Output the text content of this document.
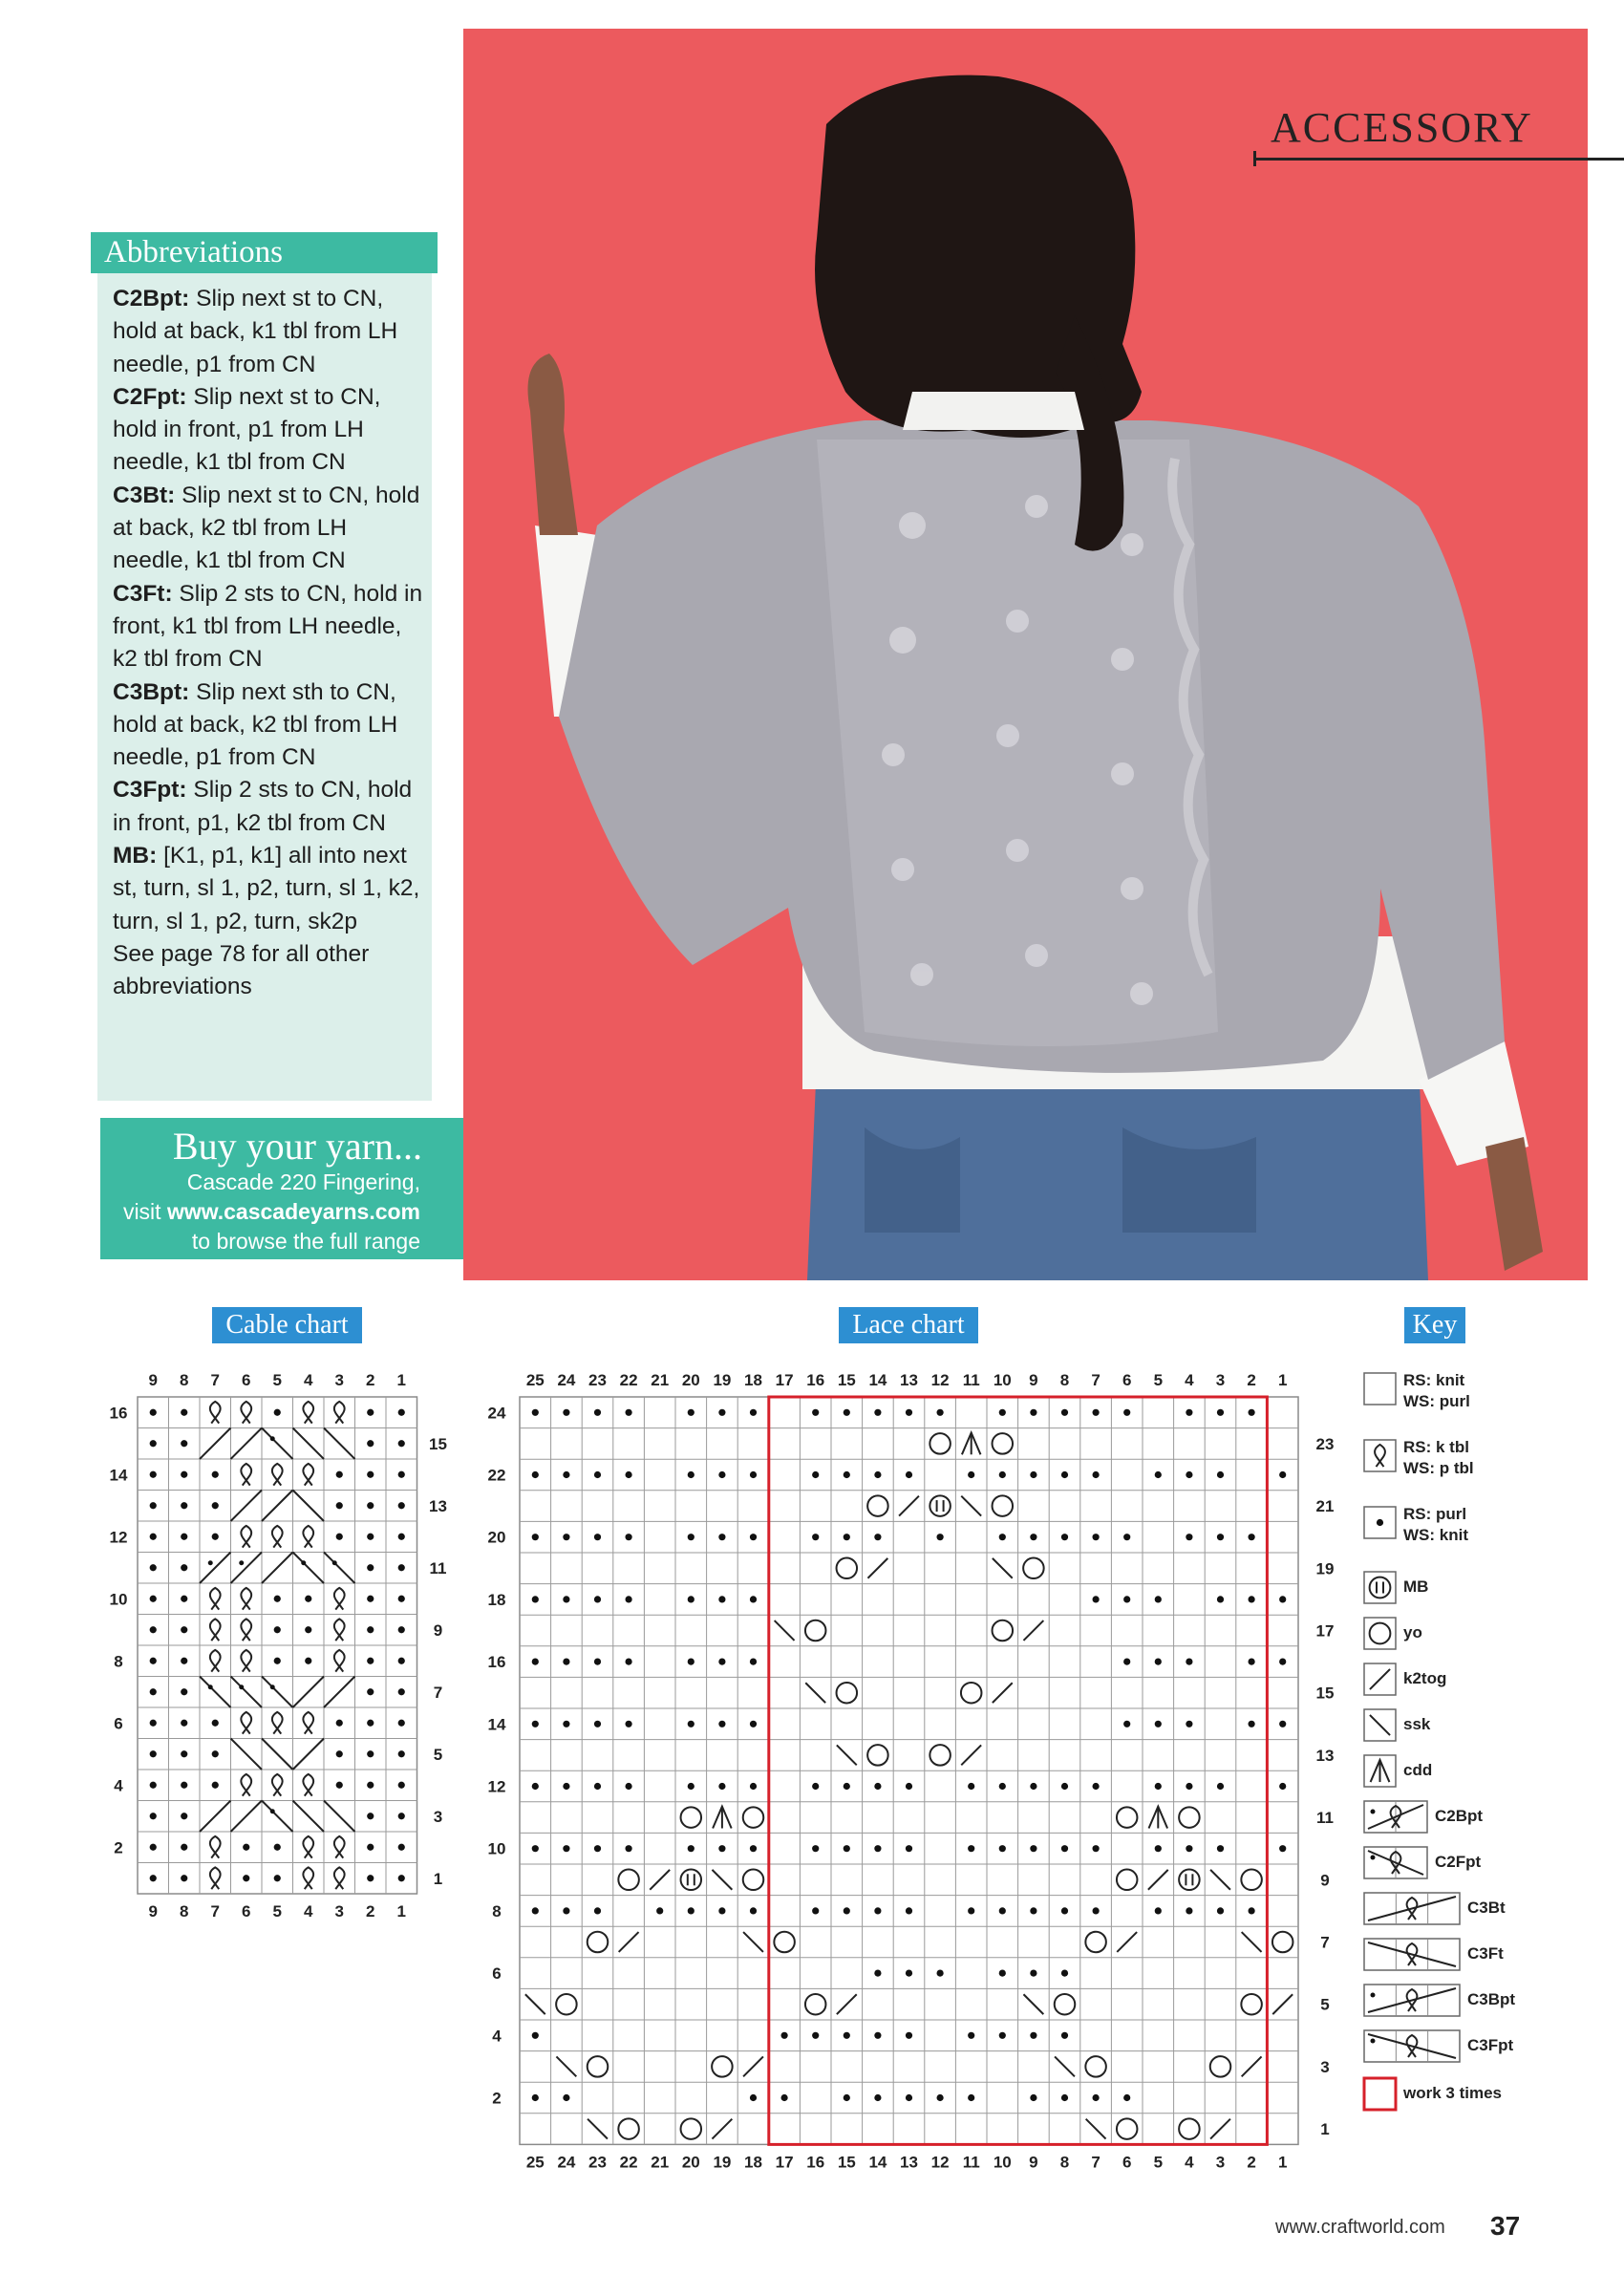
ACCESSORY
Abbreviations
C2Bpt: Slip next st to CN, hold at back, k1 tbl from LH needle, p1 from CN
C2Fpt: Slip next st to CN, hold in front, p1 from LH needle, k1 tbl from CN
C3Bt: Slip next st to CN, hold at back, k2 tbl from LH needle, k1 tbl from CN
C3Ft: Slip 2 sts to CN, hold in front, k1 tbl from LH needle, k2 tbl from CN
C3Bpt: Slip next sth to CN, hold at back, k2 tbl from LH needle, p1 from CN
C3Fpt: Slip 2 sts to CN, hold in front, p1, k2 tbl from CN
MB: [K1, p1, k1] all into next st, turn, sl 1, p2, turn, sl 1, k2, turn, sl 1, p2, turn, sk2p
See page 78 for all other abbreviations
Buy your yarn...
Cascade 220 Fingering,
visit www.cascadeyarns.com
to browse the full range
Cable chart	Lace chart	Key
9
9
8
8
7
7
6
6
5
5
4
4
3
3
2
2
1
1
16
14
12
10
8
6
4
2
15
13
11
9
7
5
3
1
25
25
24
24
23
23
22
22
21
21
20
20
19
19
18
18
17
17
16
16
15
15
14
14
13
13
12
12
11
11
10
10
9
9
8
8
7
7
6
6
5
5
4
4
3
3
2
2
1
1
24
22
20
18
16
14
12
10
8
6
4
2
23
21
19
17
15
13
11
9
7
5
3
1
RS: knit
WS: purl
RS: k tbl
WS: p tbl
RS: purl
WS: knit
MB
yo
k2tog
ssk
cdd
C2Bpt
C2Fpt
C3Bt
C3Ft
C3Bpt
C3Fpt
work 3 times
www.craftworld.com 37
